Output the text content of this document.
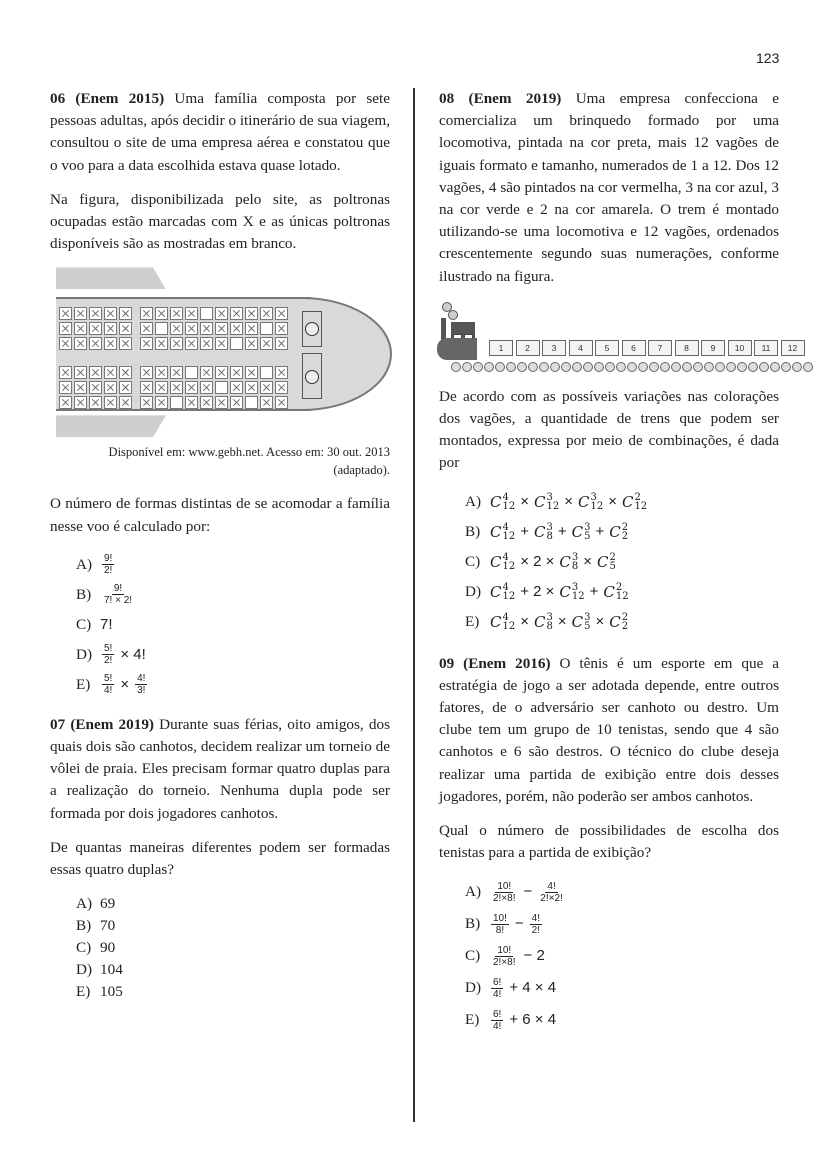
123

06 (Enem 2015) Uma família composta por sete pessoas adultas, após decidir o itinerário de sua viagem, consultou o site de uma empresa aérea e constatou que o voo para a data escolhida estava quase lotado.

Na figura, disponibilizada pelo site, as poltronas ocupadas estão marcadas com X e as únicas poltronas disponíveis são as mostradas em branco.

Disponível em: www.gebh.net. Acesso em: 30 out. 2013
(adaptado).

O número de formas distintas de se acomodar a família nesse voo é calculado por:

$A) \frac{9!}{2!}$
B)	$\frac{9!}{7! \times 2!}$
C) 7!
$D) \frac{5!}{2!} \times 4$!
E)	$\frac{5!}{4!} \times \frac{4!}{3!}$

07 (Enem 2019) Durante suas férias, oito amigos, dos quais dois são canhotos, decidem realizar um torneio de vôlei de praia. Eles precisam formar quatro duplas para a realização do torneio. Nenhuma dupla pode ser formada por dois jogadores canhotos.

De quantas maneiras diferentes podem ser formadas essas quatro duplas?

A) 69
B) 70
C) 90
D) 104
E) 105

08 (Enem 2019) Uma empresa confecciona e comercializa um brinquedo formado por uma locomotiva, pintada na cor preta, mais 12 vagões de iguais formato e tamanho, numerados de 1 a 12. Dos 12 vagões, 4 são pintados na cor vermelha, 3 na cor azul, 3 na cor verde e 2 na cor amarela. O trem é montado utilizando-se uma locomotiva e 12 vagões, ordenados crescentemente segundo suas numerações, conforme ilustrado na figura.

1	2	3	4	5	6	7	8	9	10	11	12

De acordo com as possíveis variações nas colorações dos vagões, a quantidade de trens que podem ser montados, expressa por meio de combinações, é dada por

A) C 4
12 × C 3
12 × C 3
12 × C 2
12
B) C 4
12 + C 3
8 + C 3
5 + C 2
2
C) C 4
12 × 2 × C 3
8 × C 2
5
D) C 4
12 + 2 × C 3
12 + C 2
12
E) C 4
12 × C 3
8 × C 3
5 × C 2
2

09 (Enem 2016) O tênis é um esporte em que a estratégia de jogo a ser adotada depende, entre outros fatores, de o adversário ser canhoto ou destro. Um clube tem um grupo de 10 tenistas, sendo que 4 são canhotos e 6 são destros. O técnico do clube deseja realizar uma partida de exibição entre dois desses jogadores, porém, não poderão ser ambos canhotos.

Qual o número de possibilidades de escolha dos tenistas para a partida de exibição?

$A) \frac{10!}{2!\times 8!} - \frac{4!}{2!\times 2!}$
B)	$\frac{10!}{8!} - \frac{4!}{2!}$
C)	$\frac{10!}{2!\times 8!} - 2$
$D) \frac{6!}{4!} + 4 \times 4$
E)	$\frac{6!}{4!} + 6 \times 4$
